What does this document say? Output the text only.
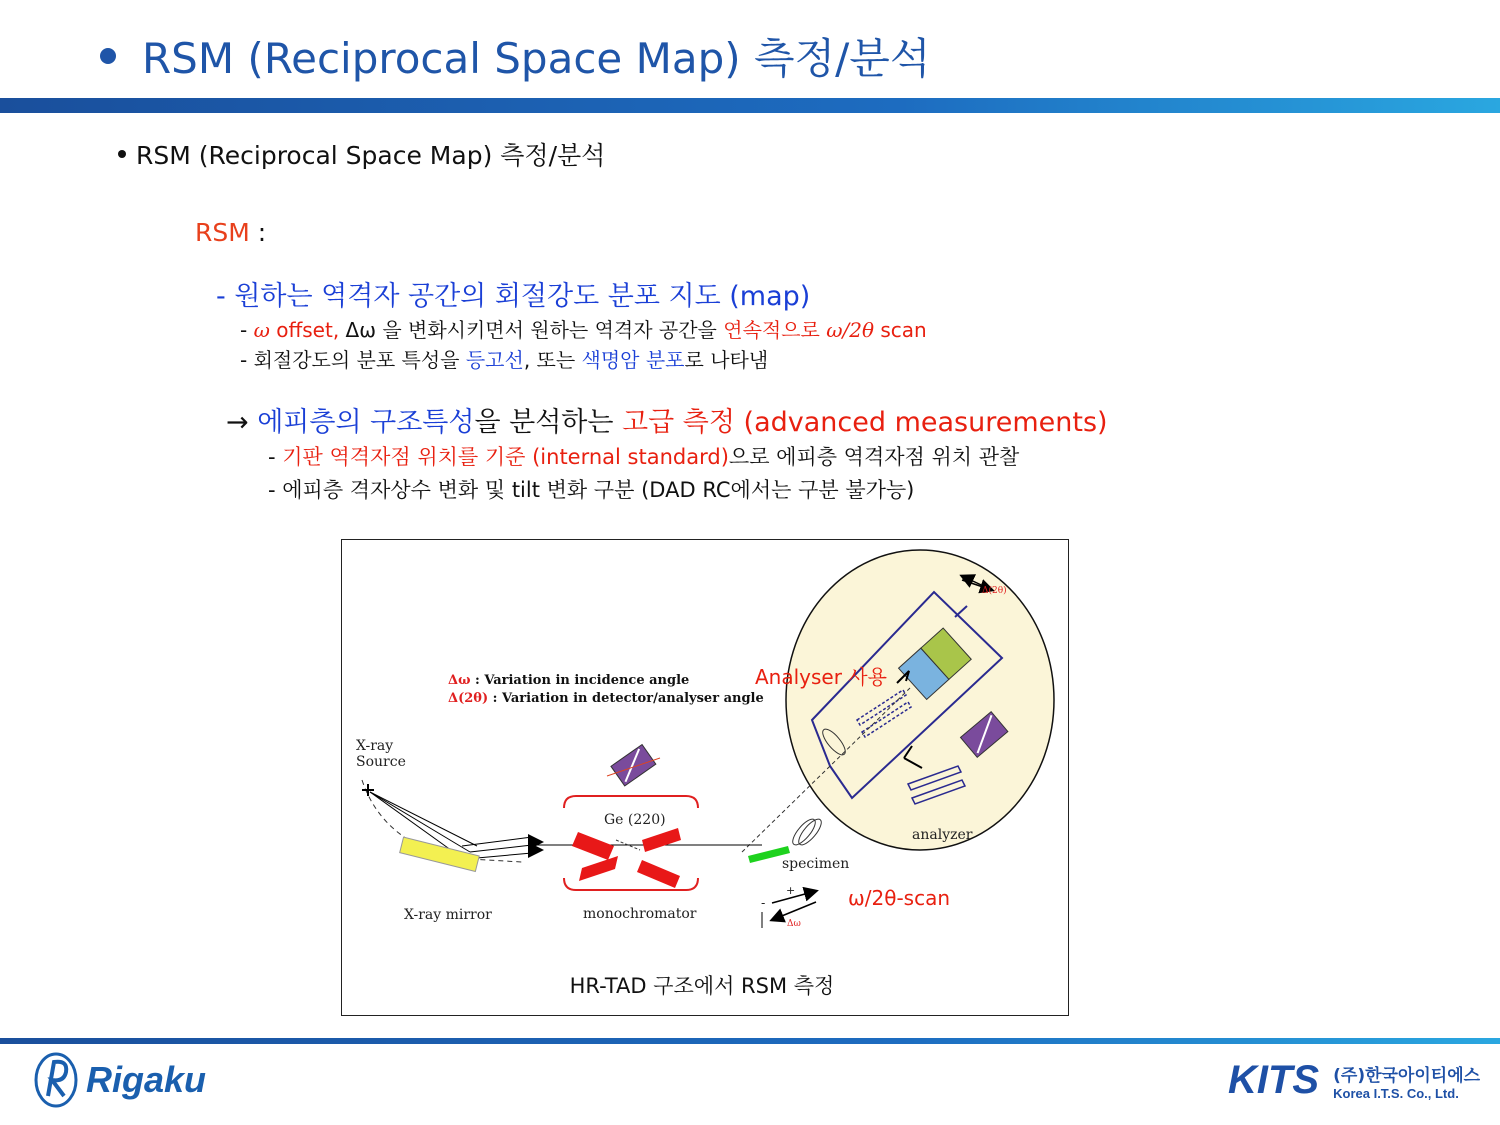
RSM (Reciprocal Space Map) 측정/분석
RSM (Reciprocal Space Map) 측정/분석
RSM :
- 원하는 역격자 공간의 회절강도 분포 지도 (map)
- ω offset, Δω 을 변화시키면서 원하는 역격자 공간을 연속적으로 ω/2θ scan
- 회절강도의 분포 특성을 등고선, 또는 색명암 분포로 나타냄
→ 에피층의 구조특성을 분석하는 고급 측정 (advanced measurements)
- 기판 역격자점 위치를 기준 (internal standard)으로 에피층 역격자점 위치 관찰
- 에피층 격자상수 변화 및 tilt 변화 구분 (DAD RC에서는 구분 불가능)
Δω : Variation in incidence angle
Δ(2θ) : Variation in detector/analyser angle
X-ray
Source
Ge (220)
X-ray mirror	monochromator
specimen
analyzer
Analyser 사용
ω/2θ-scan
Δ(2θ)
Δω
+
-
HR-TAD 구조에서 RSM 측정
Rigaku	KITS (주)한국아이티에스
Korea I.T.S. Co., Ltd.
